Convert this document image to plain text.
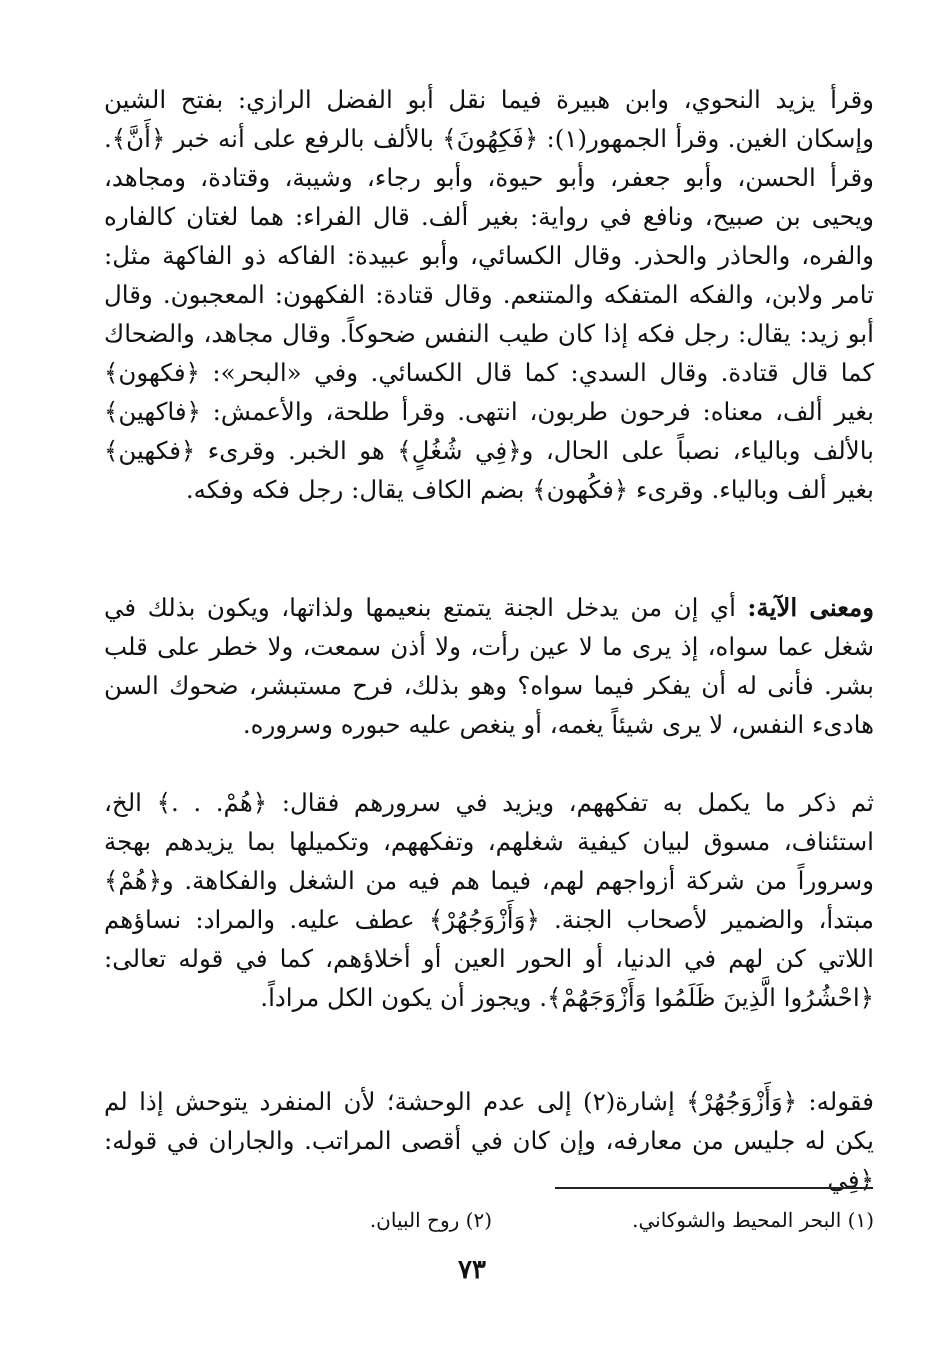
وقرأ يزيد النحوي، وابن هبيرة فيما نقل أبو الفضل الرازي: بفتح الشين وإسكان الغين. وقرأ الجمهور(١): ﴿فَكِهُونَ﴾ بالألف بالرفع على أنه خبر ﴿أَنَّ﴾. وقرأ الحسن، وأبو جعفر، وأبو حيوة، وأبو رجاء، وشيبة، وقتادة، ومجاهد، ويحيى بن صبيح، ونافع في رواية: بغير ألف. قال الفراء: هما لغتان كالفاره والفره، والحاذر والحذر. وقال الكسائي، وأبو عبيدة: الفاكه ذو الفاكهة مثل: تامر ولابن، والفكه المتفكه والمتنعم. وقال قتادة: الفكهون: المعجبون. وقال أبو زيد: يقال: رجل فكه إذا كان طيب النفس ضحوكاً. وقال مجاهد، والضحاك كما قال قتادة. وقال السدي: كما قال الكسائي. وفي «البحر»: ﴿فكهون﴾ بغير ألف، معناه: فرحون طربون، انتهى. وقرأ طلحة، والأعمش: ﴿فاكهين﴾ بالألف وبالياء، نصباً على الحال، و﴿فِي شُغُلٍ﴾ هو الخبر. وقرىء ﴿فكهين﴾ بغير ألف وبالياء. وقرىء ﴿فكُهون﴾ بضم الكاف يقال: رجل فكه وفكه.

ومعنى الآية: أي إن من يدخل الجنة يتمتع بنعيمها ولذاتها، ويكون بذلك في شغل عما سواه، إذ يرى ما لا عين رأت، ولا أذن سمعت، ولا خطر على قلب بشر. فأنى له أن يفكر فيما سواه؟ وهو بذلك، فرح مستبشر، ضحوك السن هادىء النفس، لا يرى شيئاً يغمه، أو ينغص عليه حبوره وسروره.

ثم ذكر ما يكمل به تفكههم، ويزيد في سرورهم فقال: ﴿هُمْ. . .﴾ الخ، استئناف، مسوق لبيان كيفية شغلهم، وتفكههم، وتكميلها بما يزيدهم بهجة وسروراً من شركة أزواجهم لهم، فيما هم فيه من الشغل والفكاهة. و﴿هُمْ﴾ مبتدأ، والضمير لأصحاب الجنة. ﴿وَأَزْوَجُهُرْ﴾ عطف عليه. والمراد: نساؤهم اللاتي كن لهم في الدنيا، أو الحور العين أو أخلاؤهم، كما في قوله تعالى: ﴿احْشُرُوا الَّذِينَ ظَلَمُوا وَأَزْوَجَهُمْ﴾. ويجوز أن يكون الكل مراداً.

فقوله: ﴿وَأَزْوَجُهُرْ﴾ إشارة(٢) إلى عدم الوحشة؛ لأن المنفرد يتوحش إذا لم يكن له جليس من معارفه، وإن كان في أقصى المراتب. والجاران في قوله: ﴿فِي

(١) البحر المحيط والشوكاني.
(٢) روح البيان.
٧٣
